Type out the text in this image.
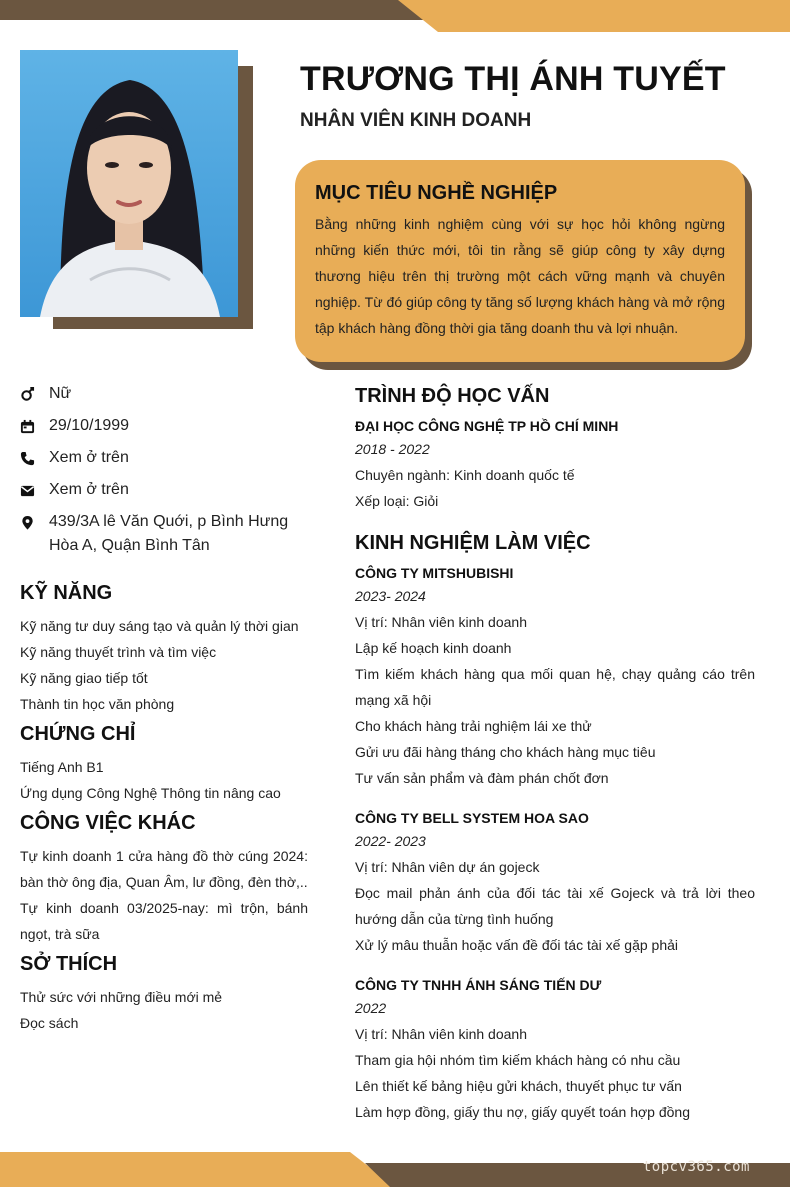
topcv365.com
TRƯƠNG THỊ ÁNH TUYẾT
NHÂN VIÊN KINH DOANH
MỤC TIÊU NGHỀ NGHIỆP

Bằng những kinh nghiệm cùng với sự học hỏi không ngừng những kiến thức mới, tôi tin rằng sẽ giúp công ty xây dựng thương hiệu trên thị trường một cách vững mạnh và chuyên nghiệp. Từ đó giúp công ty tăng số lượng khách hàng và mở rộng tập khách hàng đồng thời gia tăng doanh thu và lợi nhuận.

Nữ
29/10/1999
Xem ở trên
Xem ở trên
439/3A lê Văn Quới, p Bình Hưng Hòa A, Quận Bình Tân
KỸ NĂNG
Kỹ năng tư duy sáng tạo và quản lý thời gian
Kỹ năng thuyết trình và tìm việc
Kỹ năng giao tiếp tốt
Thành tin học văn phòng
CHỨNG CHỈ
Tiếng Anh B1
Ứng dụng Công Nghệ Thông tin nâng cao
CÔNG VIỆC KHÁC
Tự kinh doanh 1 cửa hàng đồ thờ cúng 2024: bàn thờ ông địa, Quan Âm, lư đồng, đèn thờ,..
Tự kinh doanh 03/2025-nay: mì trộn, bánh ngọt, trà sữa
SỞ THÍCH
Thử sức với những điều mới mẻ
Đọc sách
TRÌNH ĐỘ HỌC VẤN
ĐẠI HỌC CÔNG NGHỆ TP HỒ CHÍ MINH
2018 - 2022
Chuyên ngành: Kinh doanh quốc tế
Xếp loại: Giỏi
KINH NGHIỆM LÀM VIỆC
CÔNG TY MITSHUBISHI
2023- 2024
Vị trí: Nhân viên kinh doanh
Lập kế hoạch kinh doanh
Tìm kiếm khách hàng qua mối quan hệ, chạy quảng cáo trên mạng xã hội
Cho khách hàng trải nghiệm lái xe thử
Gửi ưu đãi hàng tháng cho khách hàng mục tiêu
Tư vấn sản phẩm và đàm phán chốt đơn
CÔNG TY BELL SYSTEM HOA SAO
2022- 2023
Vị trí: Nhân viên dự án gojeck
Đọc mail phản ánh của đối tác tài xế Gojeck và trả lời theo hướng dẫn của từng tình huống
Xử lý mâu thuẫn hoặc vấn đề đối tác tài xế gặp phải
CÔNG TY TNHH ÁNH SÁNG TIẾN DƯ
2022
Vị trí: Nhân viên kinh doanh
Tham gia hội nhóm tìm kiếm khách hàng có nhu cầu
Lên thiết kế bảng hiệu gửi khách, thuyết phục tư vấn
Làm hợp đồng, giấy thu nợ, giấy quyết toán hợp đồng
